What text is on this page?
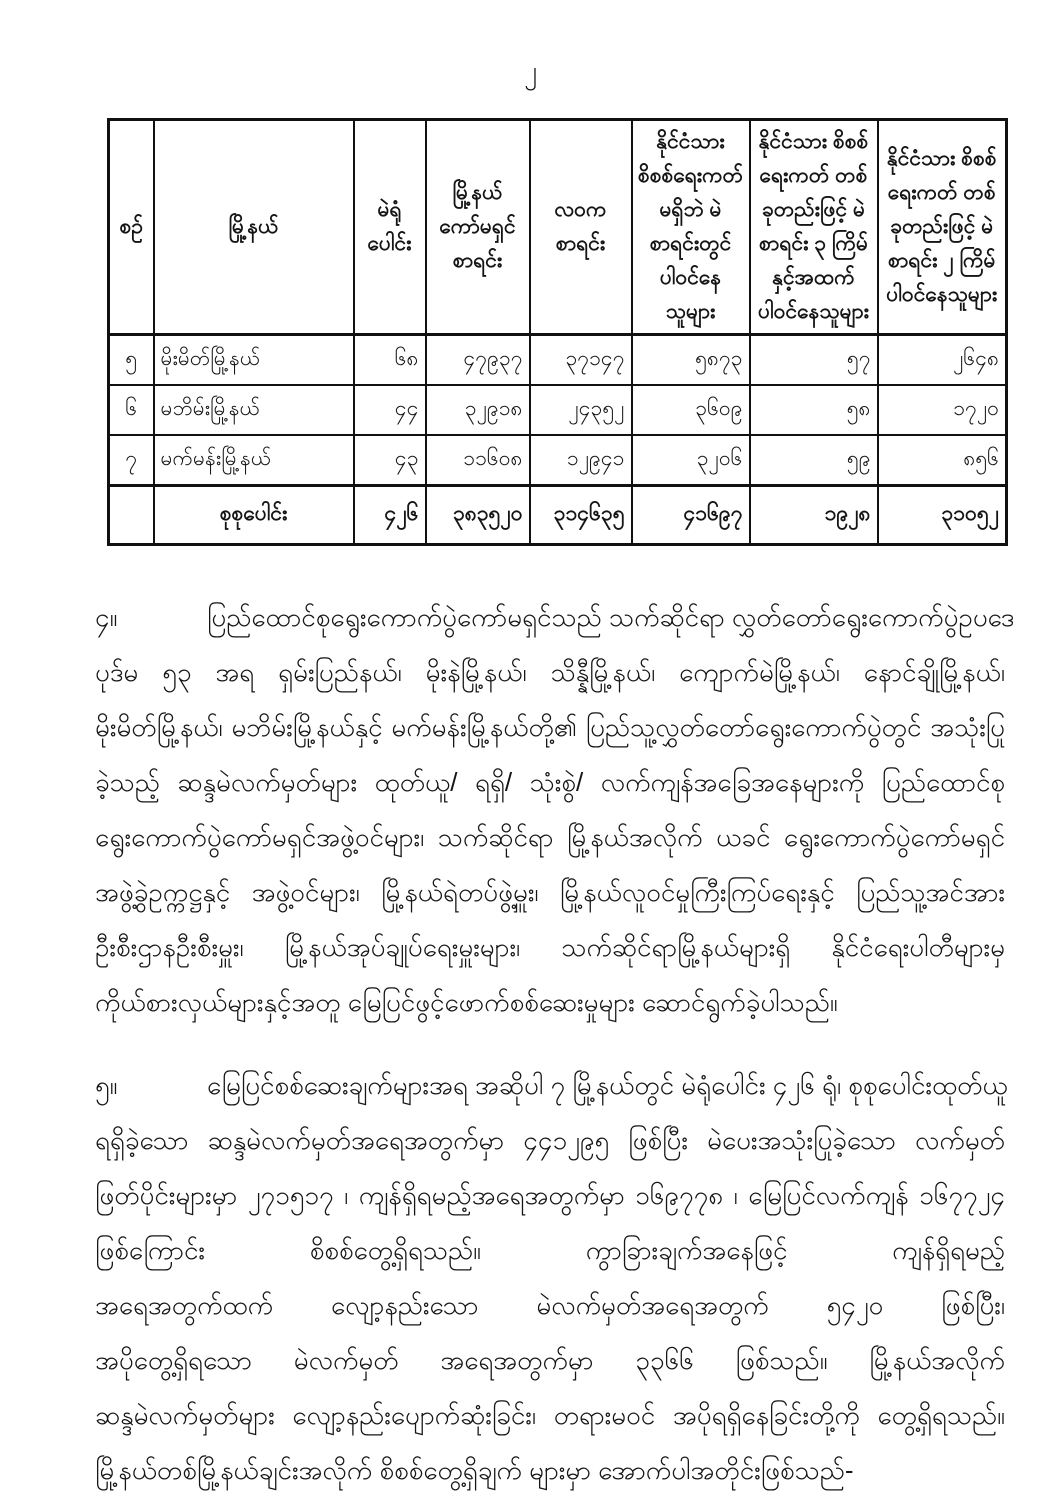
၂
စဉ်	မြို့နယ်	မဲရုံ ပေါင်း	မြို့နယ် ကော်မရှင် စာရင်း	လဝက စာရင်း	နိုင်ငံသား စိစစ်ရေးကတ် မရှိဘဲ မဲစာရင်းတွင် ပါဝင်နေသူများ	နိုင်ငံသား စိစစ်ရေးကတ် တစ်ခုတည်းဖြင့် မဲစာရင်း ၃ ကြိမ် နှင့်အထက် ပါဝင်နေသူများ	နိုင်ငံသား စိစစ်ရေးကတ် တစ်ခုတည်းဖြင့် မဲစာရင်း ၂ ကြိမ် ပါဝင်နေသူများ
၅	မိုးမိတ်မြို့နယ်	၆၈	၄၇၉၃၇	၃၇၁၄၇	၅၈၇၃	၅၇	၂၆၄၈
၆	မဘိမ်းမြို့နယ်	၄၄	၃၂၉၁၈	၂၄၃၅၂	၃၆၀၉	၅၈	၁၇၂၀
၇	မက်မန်းမြို့နယ်	၄၃	၁၁၆၀၈	၁၂၉၄၁	၃၂၀၆	၅၉	၈၅၆
	စုစုပေါင်း	၄၂၆	၃၈၃၅၂၀	၃၁၄၆၃၅	၄၁၆၉၇	၁၉၂၈	၃၁၀၅၂
၄။	ပြည်ထောင်စုရွေးကောက်ပွဲကော်မရှင်သည် သက်ဆိုင်ရာ လွှတ်တော်ရွေးကောက်ပွဲဥပဒေ
ပုဒ်မ ၅၃ အရ ရှမ်းပြည်နယ်၊ မိုးနဲမြို့နယ်၊ သိန္နီမြို့နယ်၊ ကျောက်မဲမြို့နယ်၊ နောင်ချိုမြို့နယ်၊
မိုးမိတ်မြို့နယ်၊ မဘိမ်းမြို့နယ်နှင့် မက်မန်းမြို့နယ်တို့၏ ပြည်သူ့လွှတ်တော်ရွေးကောက်ပွဲတွင် အသုံးပြု
ခဲ့သည့် ဆန္ဒမဲလက်မှတ်များ ထုတ်ယူ/ ရရှိ/ သုံးစွဲ/ လက်ကျန်အခြေအနေများကို ပြည်ထောင်စု
ရွေးကောက်ပွဲကော်မရှင်အဖွဲ့ဝင်များ၊ သက်ဆိုင်ရာ မြို့နယ်အလိုက် ယခင် ရွေးကောက်ပွဲကော်မရှင်
အဖွဲ့ခွဲဥက္ကဋ္ဌနှင့် အဖွဲ့ဝင်များ၊ မြို့နယ်ရဲတပ်ဖွဲ့မှူး၊ မြို့နယ်လူဝင်မှုကြီးကြပ်ရေးနှင့် ပြည်သူ့အင်အား
ဦးစီးဌာနဦးစီးမှူး၊ မြို့နယ်အုပ်ချုပ်ရေးမှူးများ၊ သက်ဆိုင်ရာမြို့နယ်များရှိ နိုင်ငံရေးပါတီများမှ
ကိုယ်စားလှယ်များနှင့်အတူ မြေပြင်ဖွင့်ဖောက်စစ်ဆေးမှုများ ဆောင်ရွက်ခဲ့ပါသည်။
၅။	မြေပြင်စစ်ဆေးချက်များအရ အဆိုပါ ၇ မြို့နယ်တွင် မဲရုံပေါင်း ၄၂၆ ရုံ၊ စုစုပေါင်းထုတ်ယူ
ရရှိခဲ့သော ဆန္ဒမဲလက်မှတ်အရေအတွက်မှာ ၄၄၁၂၉၅ ဖြစ်ပြီး မဲပေးအသုံးပြုခဲ့သော လက်မှတ်
ဖြတ်ပိုင်းများမှာ ၂၇၁၅၁၇ ၊ ကျန်ရှိရမည့်အရေအတွက်မှာ ၁၆၉၇၇၈ ၊ မြေပြင်လက်ကျန် ၁၆၇၇၂၄
ဖြစ်ကြောင်း စိစစ်တွေ့ရှိရသည်။ ကွာခြားချက်အနေဖြင့် ကျန်ရှိရမည့်
အရေအတွက်ထက် လျော့နည်းသော မဲလက်မှတ်အရေအတွက် ၅၄၂၀ ဖြစ်ပြီး၊
အပိုတွေ့ရှိရသော မဲလက်မှတ် အရေအတွက်မှာ ၃၃၆၆ ဖြစ်သည်။ မြို့နယ်အလိုက်
ဆန္ဒမဲလက်မှတ်များ လျော့နည်းပျောက်ဆုံးခြင်း၊ တရားမဝင် အပိုရရှိနေခြင်းတို့ကို တွေ့ရှိရသည်။
မြို့နယ်တစ်မြို့နယ်ချင်းအလိုက် စိစစ်တွေ့ရှိချက် များမှာ အောက်ပါအတိုင်းဖြစ်သည်-
